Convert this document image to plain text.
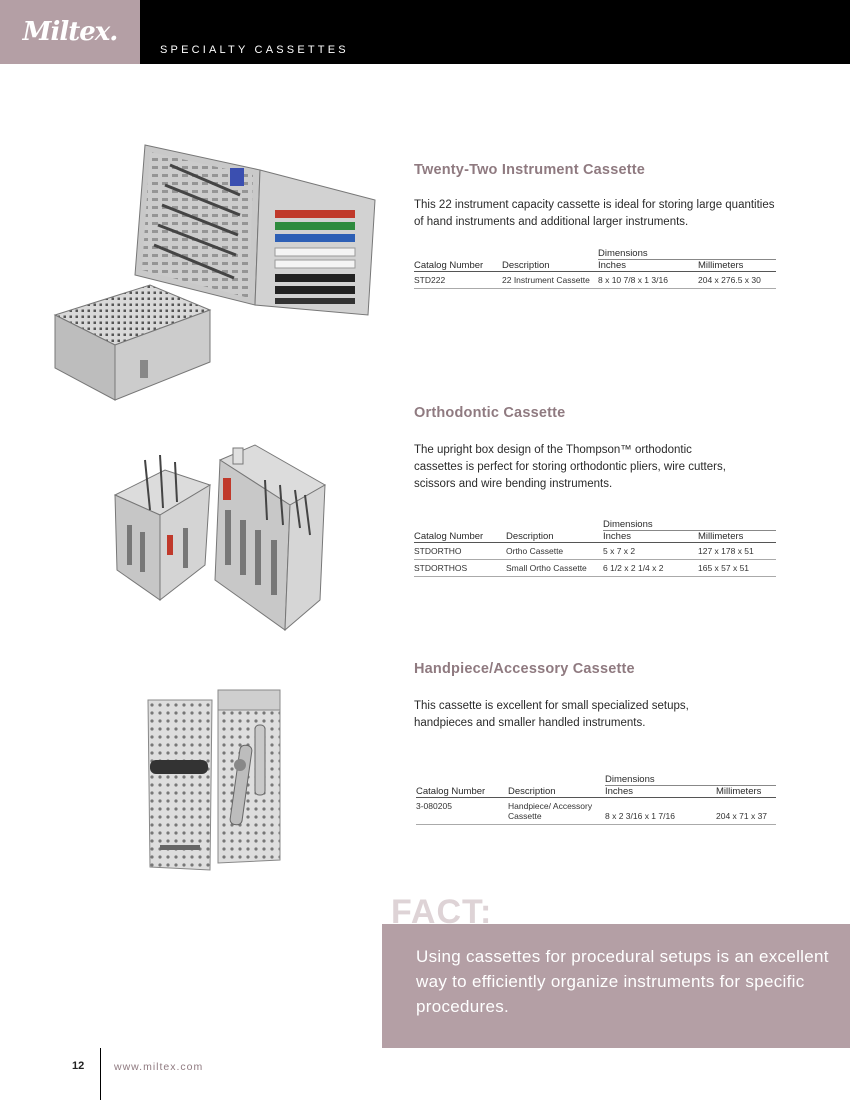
Miltex.
SPECIALTY CASSETTES
Twenty-Two Instrument Cassette

This 22 instrument capacity cassette is ideal for storing large quantities of hand instruments and additional larger instruments.

		Dimensions	
Catalog Number	Description	Inches	Millimeters
STD222	22 Instrument Cassette	8 x 10 7/8 x 1 3/16	204 x 276.5 x 30
Orthodontic Cassette

The upright box design of the Thompson™ orthodontic cassettes is perfect for storing orthodontic pliers, wire cutters, scissors and wire bending instruments.

		Dimensions	
Catalog Number	Description	Inches	Millimeters
STDORTHO	Ortho Cassette	5 x 7 x 2	127 x 178 x 51
STDORTHOS	Small Ortho Cassette	6 1/2 x 2 1/4 x 2	165 x 57 x 51
Handpiece/Accessory Cassette

This cassette is excellent for small specialized setups, handpieces and smaller handled instruments.

		Dimensions	
Catalog Number	Description	Inches	Millimeters
3-080205	Handpiece/ Accessory Cassette	8 x 2 3/16 x 1 7/16	204 x 71 x 37
Using cassettes for procedural setups is an excellent way to efficiently organize instruments for specific procedures.
FACT:
12	www.miltex.com
